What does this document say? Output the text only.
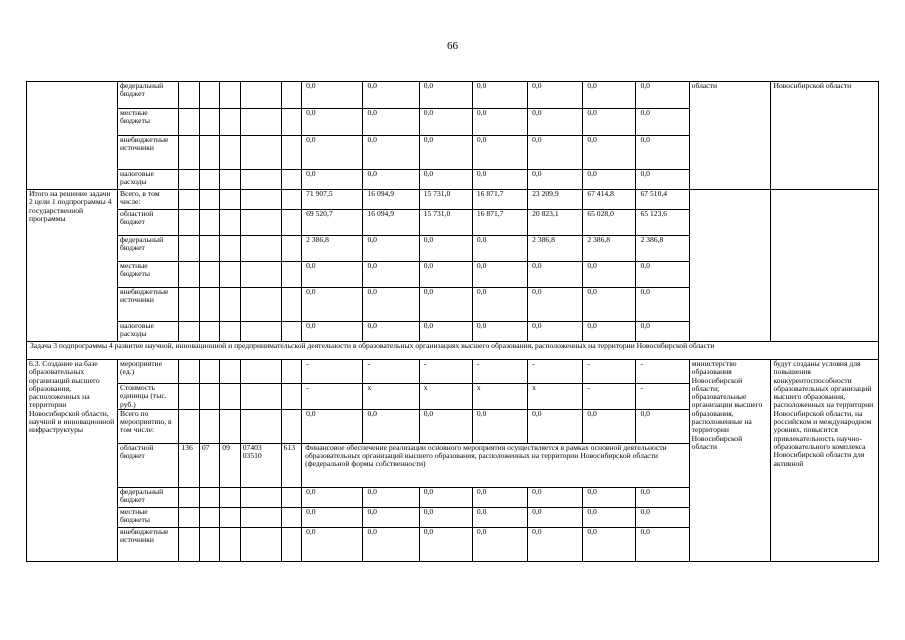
66
	федеральный бюджет						0,0	0,0	0,0	0,0	0,0	0,0	0,0	области	Новосибирской области
	местные бюджеты						0,0	0,0	0,0	0,0	0,0	0,0	0,0		
	внебюджетные источники						0,0	0,0	0,0	0,0	0,0	0,0	0,0		
	налоговые расходы						0,0	0,0	0,0	0,0	0,0	0,0	0,0		
Итого на решение задачи 2 цели 1 подпрограммы 4 государственной программы	Всего, в том числе:						71 907,5	16 094,9	15 731,0	16 871,7	23 209,9	67 414,8	67 510,4		
	областной бюджет						69 520,7	16 094,9	15 731,0	16 871,7	20 823,1	65 028,0	65 123,6		
	федеральный бюджет						2 386,8	0,0	0,0	0,0	2 386,8	2 386,8	2 386,8		
	местные бюджеты						0,0	0,0	0,0	0,0	0,0	0,0	0,0		
	внебюджетные источники						0,0	0,0	0,0	0,0	0,0	0,0	0,0		
	налоговые расходы						0,0	0,0	0,0	0,0	0,0	0,0	0,0		
Задача 3 подпрограммы 4 развитие научной, инновационной и предпринимательской деятельности в образовательных организациях высшего образования, расположенных на территории Новосибирской области															
6.3. Создание на базе образовательных организаций высшего образования, расположенных на территории Новосибирской области, научной и инновационной инфраструктуры	мероприятие (ед.)						-	-	-	-	-	-	-	министерство образования Новосибирской области; образовательные организации высшего образования, расположенные на территории Новосибирской области	будут созданы условия для повышения конкурентоспособности образовательных организаций высшего образования, расположенных на территории Новосибирской области, на российском и международном уровнях, повысится привлекательность научно-образовательного комплекса Новосибирской области для активной
	Стоимость единицы (тыс. руб.)						-	х	х	х	х	-	-		
	Всего по мероприятию, в том числе:						0,0	0,0	0,0	0,0	0,0	0,0	0,0		
	областной бюджет	136	07	09	07403 03510	613	Финансовое обеспечение реализации основного мероприятия осуществляется в рамках основной деятельности образовательных организаций высшего образования, расположенных на территории Новосибирской области (федеральной формы собственности)								
	федеральный бюджет						0,0	0,0	0,0	0,0	0,0	0,0	0,0		
	местные бюджеты						0,0	0,0	0,0	0,0	0,0	0,0	0,0		
	внебюджетные источники						0,0	0,0	0,0	0,0	0,0	0,0	0,0		
